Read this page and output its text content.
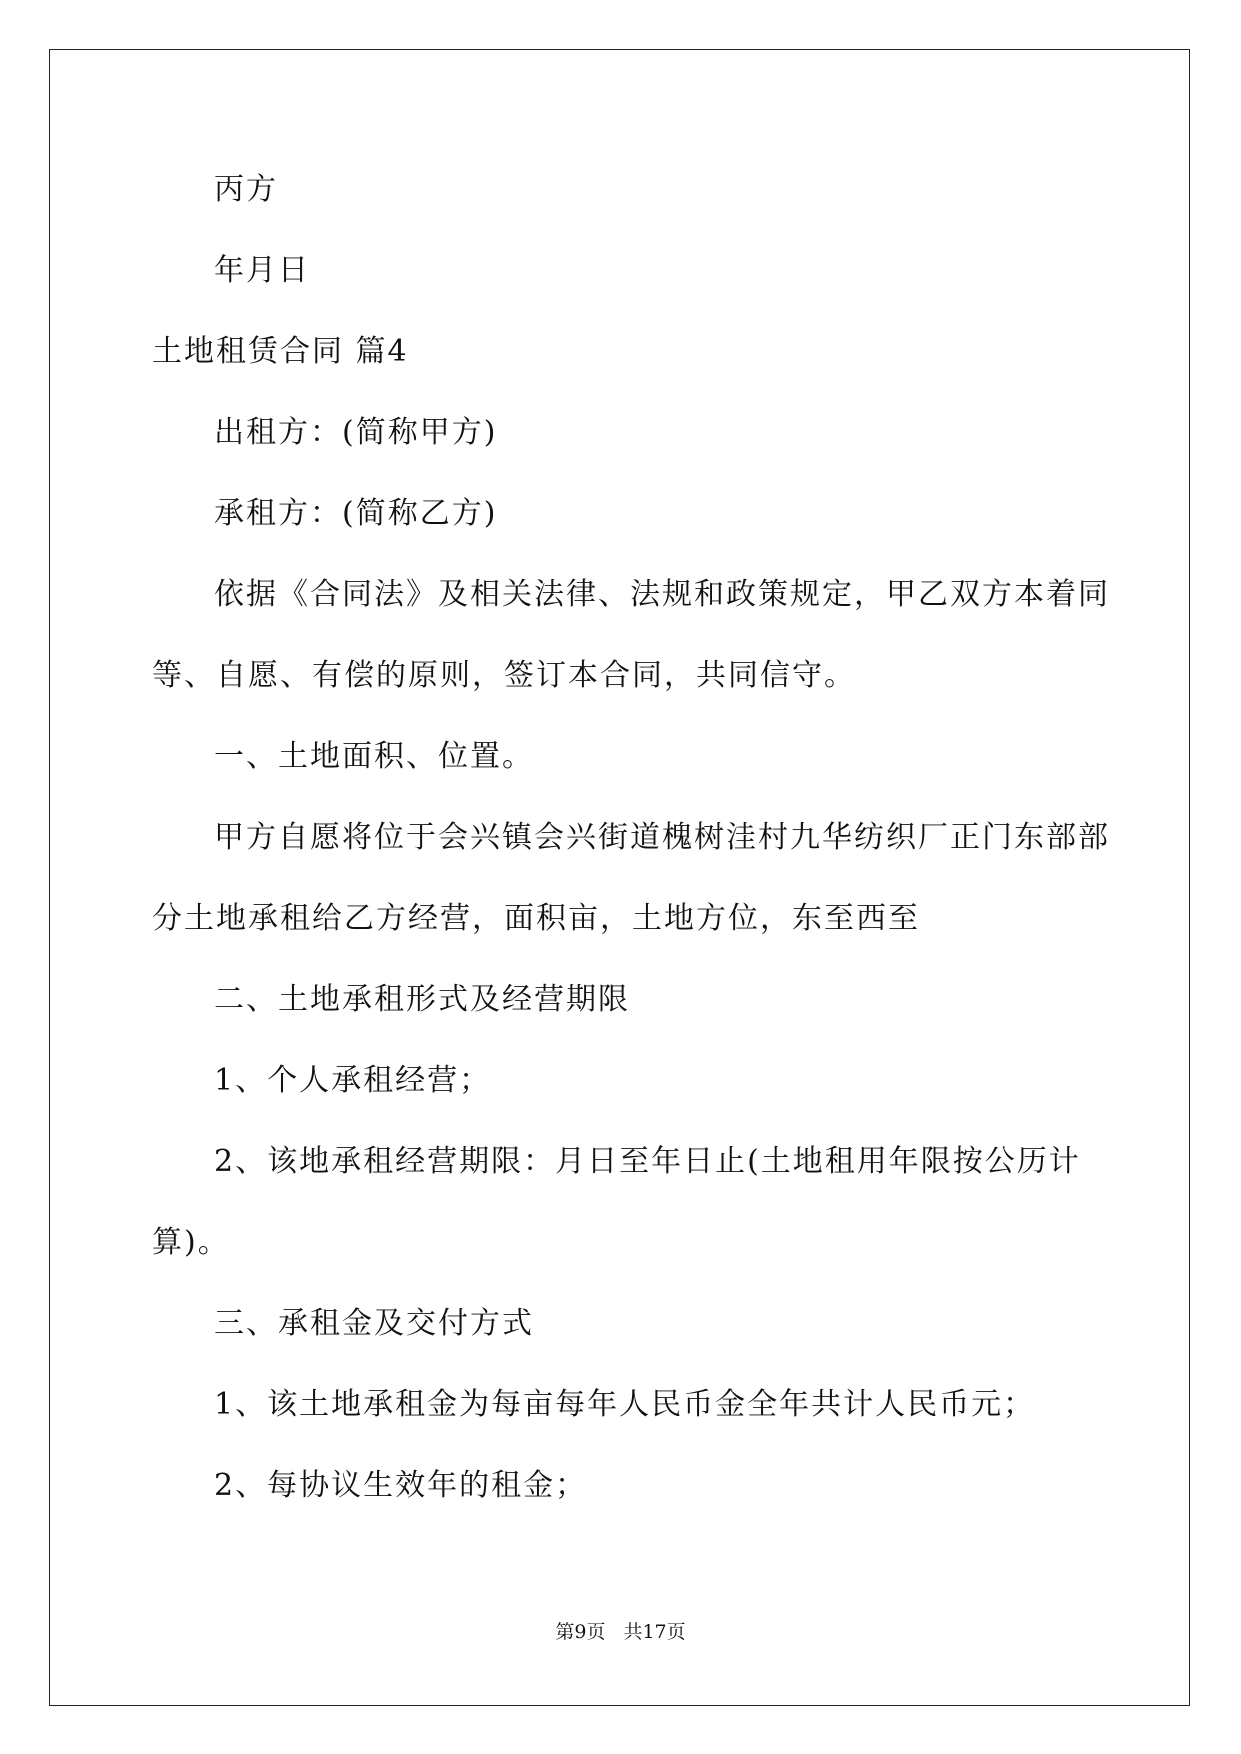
丙方

年月日

土地租赁合同 篇4

出租方：(简称甲方)

承租方：(简称乙方)

依据《合同法》及相关法律、法规和政策规定，甲乙双方本着同

等、自愿、有偿的原则，签订本合同，共同信守。

一、土地面积、位置。

甲方自愿将位于会兴镇会兴街道槐树洼村九华纺织厂正门东部部

分土地承租给乙方经营，面积亩，土地方位，东至西至

二、土地承租形式及经营期限

1、个人承租经营；

2、该地承租经营期限：月日至年日止(土地租用年限按公历计

算)。

三、承租金及交付方式

1、该土地承租金为每亩每年人民币金全年共计人民币元；

2、每协议生效年的租金；

第9页 共17页
